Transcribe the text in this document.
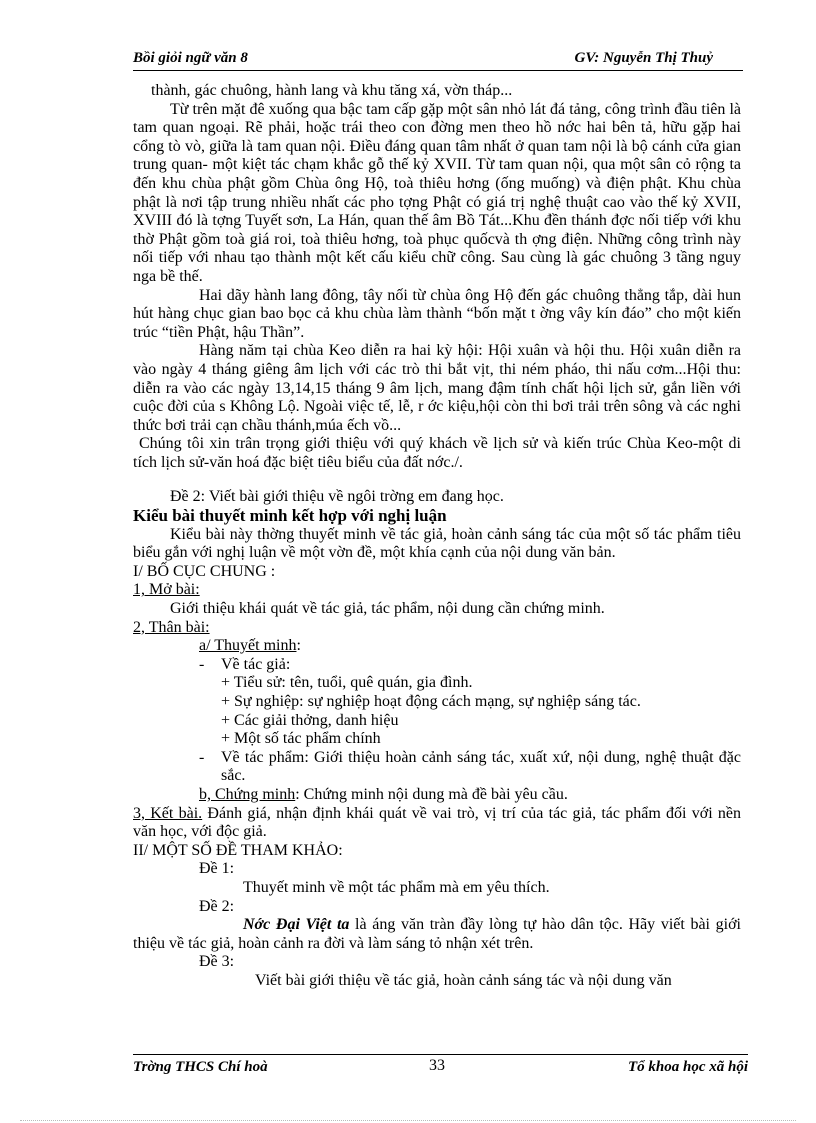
Bồi giỏi ngữ văn 8	GV: Nguyễn Thị Thuỷ

thành, gác chuông, hành lang và khu tăng xá, vờn tháp...

Từ trên mặt đê xuống qua bậc tam cấp gặp một sân nhỏ lát đá tảng, công trình đầu tiên là tam quan ngoại. Rẽ phải, hoặc trái theo con đờng men theo hồ nớc hai bên tả, hữu gặp hai cổng tò vò, giữa là tam quan nội. Điều đáng quan tâm nhất ở quan tam nội là bộ cánh cửa gian trung quan- một kiệt tác chạm khắc gỗ thế kỷ XVII. Từ tam quan nội, qua một sân cỏ rộng ta đến khu chùa phật gồm Chùa ông Hộ, toà thiêu hơng (ống muống) và điện phật. Khu chùa phật là nơi tập trung nhiều nhất các pho tợng Phật có giá trị nghệ thuật cao vào thế kỷ XVII, XVIII đó là tợng Tuyết sơn, La Hán, quan thế âm Bồ Tát...Khu đền thánh đợc nối tiếp với khu thờ Phật gồm toà giá roi, toà thiêu hơng, toà phục quốcvà th ợng điện. Những công trình này nối tiếp với nhau tạo thành một kết cấu kiểu chữ công. Sau cùng là gác chuông 3 tầng nguy nga bề thế.

Hai dãy hành lang đông, tây nối từ chùa ông Hộ đến gác chuông thẳng tắp, dài hun hút hàng chục gian bao bọc cả khu chùa làm thành “bốn mặt t ờng vây kín đáo” cho một kiến trúc “tiền Phật, hậu Thần”.

Hàng năm tại chùa Keo diễn ra hai kỳ hội: Hội xuân và hội thu. Hội xuân diễn ra vào ngày 4 tháng giêng âm lịch với các trò thi bắt vịt, thi ném pháo, thi nấu cơm...Hội thu: diễn ra vào các ngày 13,14,15 tháng 9 âm lịch, mang đậm tính chất hội lịch sử, gắn liền với cuộc đời của s Không Lộ. Ngoài việc tế, lễ, r ớc kiệu,hội còn thi bơi trải trên sông và các nghi thức bơi trải cạn chầu thánh,múa ếch vồ...

Chúng tôi xin trân trọng giới thiệu với quý khách về lịch sử và kiến trúc Chùa Keo-một di tích lịch sử-văn hoá đặc biệt tiêu biểu của đất nớc./.

Đề 2: Viết bài giới thiệu về ngôi trờng em đang học.

Kiểu bài thuyết minh kết hợp với nghị luận

Kiểu bài này thờng thuyết minh về tác giả, hoàn cảnh sáng tác của một số tác phẩm tiêu biểu gắn với nghị luận về một vờn đề, một khía cạnh của nội dung văn bản.

I/ BỐ CỤC CHUNG :

1, Mở bài:

Giới thiệu khái quát về tác giả, tác phẩm, nội dung cần chứng minh.

2, Thân bài:

a/ Thuyết minh:

-	Về tác giả:

+ Tiểu sử: tên, tuổi, quê quán, gia đình.

+ Sự nghiệp: sự nghiệp hoạt động cách mạng, sự nghiệp sáng tác.

+ Các giải thởng, danh hiệu

+ Một số tác phẩm chính

-	Về tác phẩm: Giới thiệu hoàn cảnh sáng tác, xuất xứ, nội dung, nghệ thuật đặc sắc.

b, Chứng minh: Chứng minh nội dung mà đề bài yêu cầu.

3, Kết bài. Đánh giá, nhận định khái quát về vai trò, vị trí của tác giả, tác phẩm đối với nền văn học, với độc giả.

II/ MỘT SỐ ĐỀ THAM KHẢO:

Đề 1:

Thuyết minh về một tác phẩm mà em yêu thích.

Đề 2:

Nớc Đại Việt ta là áng văn tràn đầy lòng tự hào dân tộc. Hãy viết bài giới thiệu về tác giả, hoàn cảnh ra đời và làm sáng tỏ nhận xét trên.

Đề 3:

Viết bài giới thiệu về tác giả, hoàn cảnh sáng tác và nội dung văn

Trờng THCS Chí hoà	33	Tổ khoa học xã hội
